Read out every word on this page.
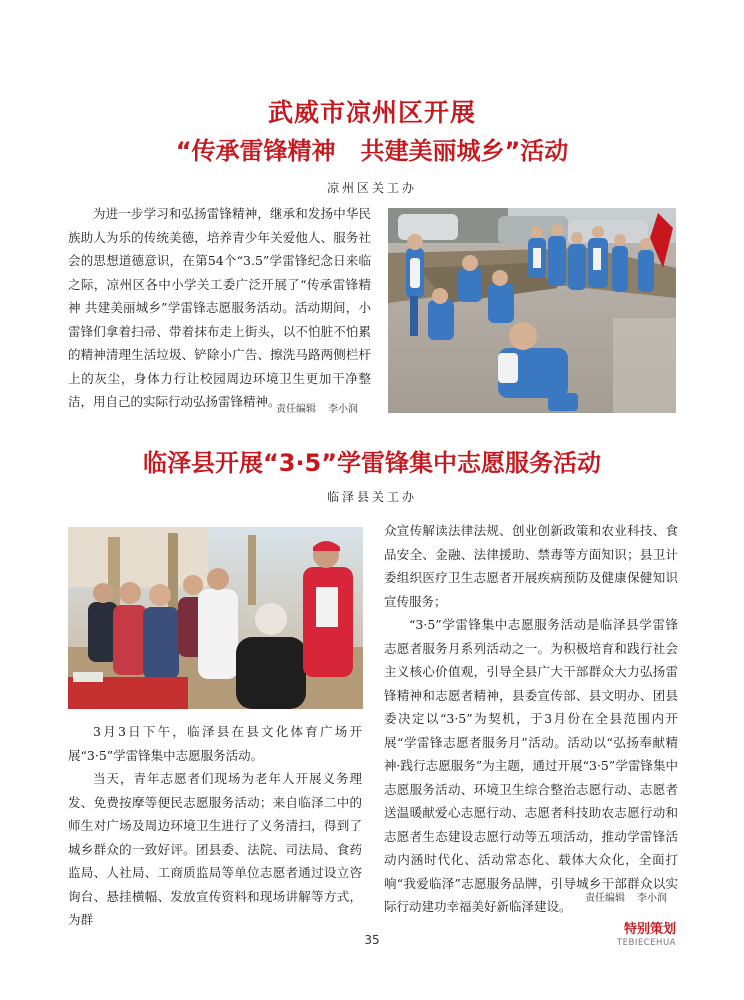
武威市凉州区开展
“传承雷锋精神   共建美丽城乡”活动
凉州区关工办

为进一步学习和弘扬雷锋精神，继承和发扬中华民族助人为乐的传统美德，培养青少年关爱他人、服务社会的思想道德意识，在第54个“3.5”学雷锋纪念日来临之际，凉州区各中小学关工委广泛开展了“传承雷锋精神 共建美丽城乡”学雷锋志愿服务活动。活动期间，小雷锋们拿着扫帚、带着抹布走上街头，以不怕脏不怕累的精神清理生活垃圾、铲除小广告、擦洗马路两侧栏杆上的灰尘，身体力行让校园周边环境卫生更加干净整洁，用自己的实际行动弘扬雷锋精神。

责任编辑 李小润
临泽县开展“3·5”学雷锋集中志愿服务活动
临泽县关工办

3月3日下午，临泽县在县文化体育广场开展“3·5”学雷锋集中志愿服务活动。

当天，青年志愿者们现场为老年人开展义务理发、免费按摩等便民志愿服务活动；来自临泽二中的师生对广场及周边环境卫生进行了义务清扫，得到了城乡群众的一致好评。团县委、法院、司法局、食药监局、人社局、工商质监局等单位志愿者通过设立咨询台、悬挂横幅、发放宣传资料和现场讲解等方式，为群

众宣传解读法律法规、创业创新政策和农业科技、食品安全、金融、法律援助、禁毒等方面知识；县卫计委组织医疗卫生志愿者开展疾病预防及健康保健知识宣传服务；

“3·5”学雷锋集中志愿服务活动是临泽县学雷锋志愿者服务月系列活动之一。为积极培育和践行社会主义核心价值观，引导全县广大干部群众大力弘扬雷锋精神和志愿者精神，县委宣传部、县文明办、团县委决定以“3·5”为契机，于3月份在全县范围内开展“学雷锋志愿者服务月”活动。活动以“弘扬奉献精神·践行志愿服务”为主题，通过开展“3·5”学雷锋集中志愿服务活动、环境卫生综合整治志愿行动、志愿者送温暖献爱心志愿行动、志愿者科技助农志愿行动和志愿者生态建设志愿行动等五项活动，推动学雷锋活动内涵时代化、活动常态化、载体大众化，全面打响“我爱临泽”志愿服务品牌，引导城乡干部群众以实际行动建功幸福美好新临泽建设。

责任编辑 李小润
35
特别策划
TEBIECEHUA
